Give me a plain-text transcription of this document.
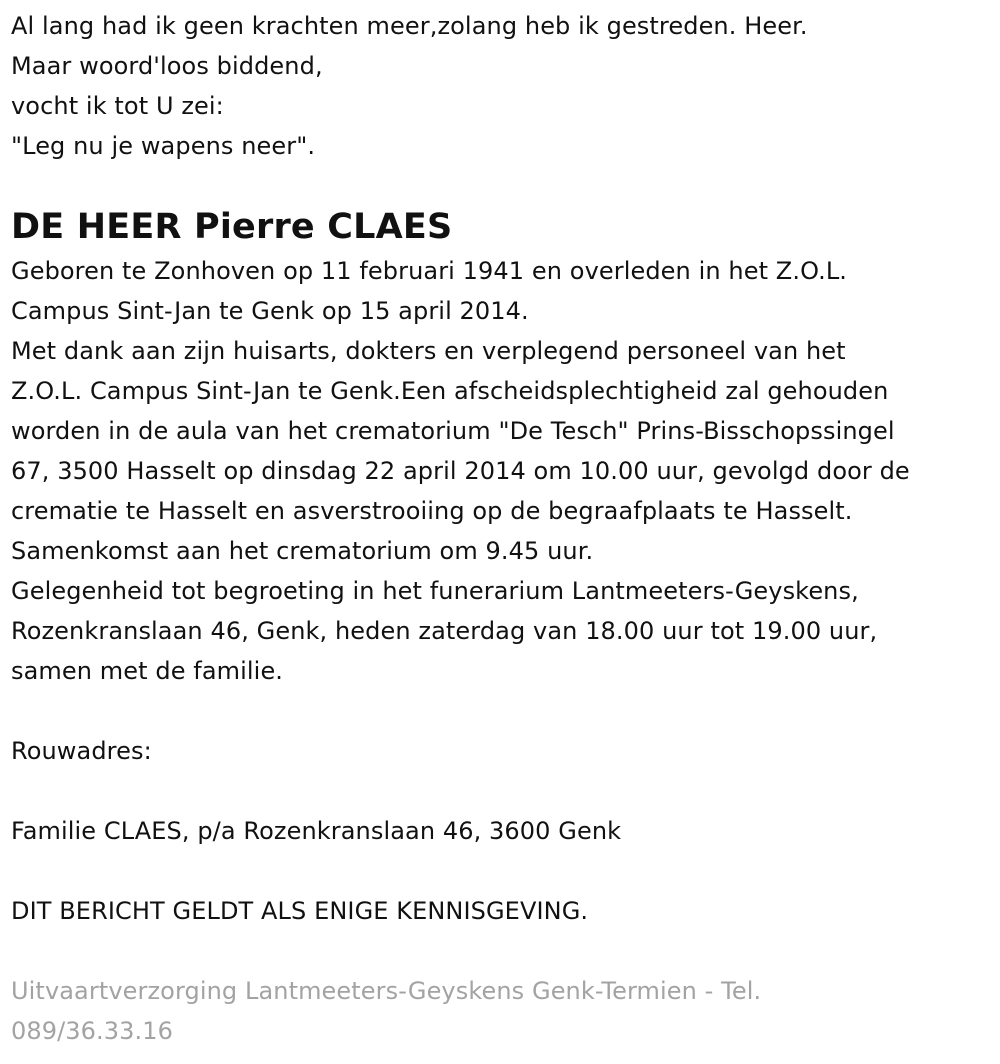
Al lang had ik geen krachten meer,zolang heb ik gestreden. Heer.
Maar woord'loos biddend,
vocht ik tot U zei:
"Leg nu je wapens neer".
DE HEER Pierre CLAES
Geboren te Zonhoven op 11 februari 1941 en overleden in het Z.O.L.
Campus Sint-Jan te Genk op 15 april 2014.
Met dank aan zijn huisarts, dokters en verplegend personeel van het
Z.O.L. Campus Sint-Jan te Genk.Een afscheidsplechtigheid zal gehouden
worden in de aula van het crematorium "De Tesch" Prins-Bisschopssingel
67, 3500 Hasselt op dinsdag 22 april 2014 om 10.00 uur, gevolgd door de
crematie te Hasselt en asverstrooiing op de begraafplaats te Hasselt.
Samenkomst aan het crematorium om 9.45 uur.
Gelegenheid tot begroeting in het funerarium Lantmeeters-Geyskens,
Rozenkranslaan 46, Genk, heden zaterdag van 18.00 uur tot 19.00 uur,
samen met de familie.
Rouwadres:
Familie CLAES, p/a Rozenkranslaan 46, 3600 Genk
DIT BERICHT GELDT ALS ENIGE KENNISGEVING.
Uitvaartverzorging Lantmeeters-Geyskens Genk-Termien - Tel.
089/36.33.16
